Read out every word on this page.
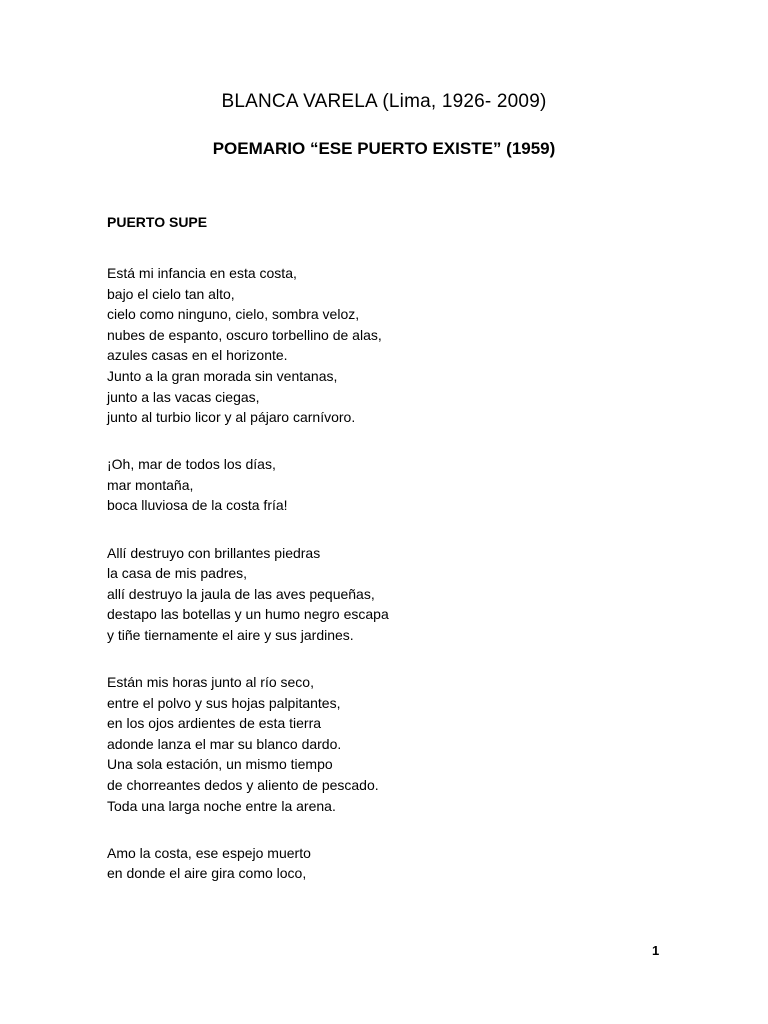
BLANCA VARELA (Lima, 1926- 2009)
POEMARIO “ESE PUERTO EXISTE” (1959)
PUERTO SUPE

Está mi infancia en esta costa,
bajo el cielo tan alto,
cielo como ninguno, cielo, sombra veloz,
nubes de espanto, oscuro torbellino de alas,
azules casas en el horizonte.
Junto a la gran morada sin ventanas,
junto a las vacas ciegas,
junto al turbio licor y al pájaro carnívoro.

¡Oh, mar de todos los días,
mar montaña,
boca lluviosa de la costa fría!

Allí destruyo con brillantes piedras
la casa de mis padres,
allí destruyo la jaula de las aves pequeñas,
destapo las botellas y un humo negro escapa
y tiñe tiernamente el aire y sus jardines.

Están mis horas junto al río seco,
entre el polvo y sus hojas palpitantes,
en los ojos ardientes de esta tierra
adonde lanza el mar su blanco dardo.
Una sola estación, un mismo tiempo
de chorreantes dedos y aliento de pescado.
Toda una larga noche entre la arena.

Amo la costa, ese espejo muerto
en donde el aire gira como loco,

1
